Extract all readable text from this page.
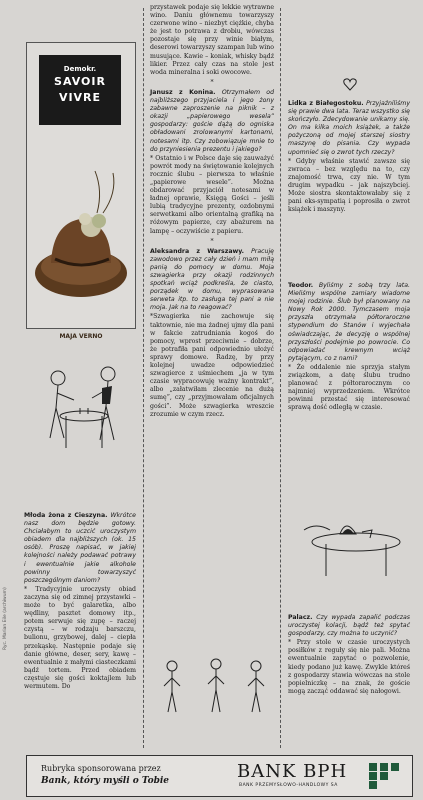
Demokr.
SAVOIR
VIVRE
MAJA VERNO

Młoda żona z Cieszyna. Wkrótce nasz dom będzie gotowy. Chciałabym to uczcić uroczystym obiadem dla najbliższych (ok. 15 osób). Proszę napisać, w jakiej kolejności należy podawać potrawy i ewentualnie jakie alkohole powinny towarzyszyć poszczególnym daniom?

* Tradycyjnie uroczysty obiad zaczyna się od zimnej przystawki – może to być galaretka, albo wędliny, pasztet domowy itp., potem serwuje się zupę – raczej czystą – w rodzaju barszczu, bulionu, grzybowej, dalej – ciepła przekąskę. Następnie podaje się danie główne, deser, sery, kawę – ewentualnie z małymi ciasteczkami bądź tortem. Przed obiadem częstuje się gości koktajlem lub wermutem. Do

Ryc. Marian Eile (archiwum)

przystawek podaje się lekkie wytrawne wino. Daniu głównemu towarzyszy czerwone wino – niezbyt ciężkie, chyba że jest to potrawa z drobiu, wówczas pozostaje się przy winie białym, deserowi towarzyszy szampan lub wino musujące. Kawie – koniak, whisky bądź likier. Przez cały czas na stole jest woda mineralna i soki owocowe.

*

Janusz z Konina. Otrzymałem od najbliższego przyjaciela i jego żony zabawne zaproszenie na piknik – z okazji „papierowego wesela” gospodarzy: goście dążą do ogniska obładowani zrolowanymi kartonami, notesami itp. Czy zobowiązuje mnie to do przyniesienia prezentu i jakiego?

* Ostatnio i w Polsce daje się zauważyć powrót mody na świętowanie kolejnych rocznic ślubu – pierwsza to właśnie „papierowe wesele”. Można obdarować przyjaciół notesami w ładnej oprawie, Księgą Gości – jeśli lubią tradycyjne prezenty, ozdobnymi serwetkami albo orientalną grafiką na różowym papierze, czy abażurem na lampę – oczywiście z papieru.

*

Aleksandra z Warszawy. Pracuję zawodowo przez cały dzień i mam miłą panią do pomocy w domu. Moja szwagierka przy okazji rodzinnych spotkań wciąż podkreśla, że ciasto, porządek w domu, wyprasowana serweta itp. to zasługa tej pani a nie moja. Jak na to reagować?

*Szwagierka nie zachowuje się taktownie, nie ma żadnej ujmy dla pani w fakcie zatrudniania kogoś do pomocy, wprost przeciwnie – dobrze, że potrafiła pani odpowiednio ułożyć sprawy domowe. Radzę, by przy kolejnej uwadze odpowiedzieć szwagierce z uśmiechem „ja w tym czasie wypracowuję ważny kontrakt”, albo „załatwiłam zlecenie na dużą sumę”, czy „przyjmowałam oficjalnych gości”. Może szwagierka wreszcie zrozumie w czym rzecz.

Lidka z Białegostoku. Przyjaźniliśmy się prawie dwa lata. Teraz wszystko się skończyło. Zdecydowanie unikamy się. On ma kilka moich książek, a także pożyczoną od mojej starszej siostry maszynę do pisania. Czy wypada upomnieć się o zwrot tych rzeczy?

* Gdyby właśnie stawić zawsze się zwraca – bez względu na to, czy znajomość trwa, czy nie. W tym drugim wypadku – jak najszybciej. Może siostra skontaktowałaby się z pani eks-sympatią i poprosiła o zwrot książek i maszyny.

Teodor. Byliśmy z sobą trzy lata. Mieliśmy wspólne zamiary wiadome mojej rodzinie. Ślub był planowany na Nowy Rok 2000. Tymczasem moja przyszła otrzymała półtoraroczne stypendium do Stanów i wyjechała oświadczając, że decyzję o wspólnej przyszłości podejmie po powrocie. Co odpowiadać krewnym wciąż pytającym, co z nami?

* Że oddalenie nie sprzyja stałym związkom, a datę ślubu trudno planować z półtorarocznym co najmniej wyprzedzeniem. Wkrótce powinni przestać się interesować sprawą dość odległą w czasie.

Palacz. Czy wypada zapalić podczas uroczystej kolacji, bądź też spytać gospodarzy, czy można to uczynić?

* Przy stole w czasie uroczystych posiłków z reguły się nie pali. Można ewentualnie zapytać o pozwolenie, kiedy podano już kawę. Zwykle któreś z gospodarzy stawia wówczas na stole popielniczkę – na znak, że goście mogą zacząć oddawać się nałogowi.

Rubryka sponsorowana przez
Bank, który myśli o Tobie	BANK BPH
BANK PRZEMYSŁOWO-HANDLOWY SA
